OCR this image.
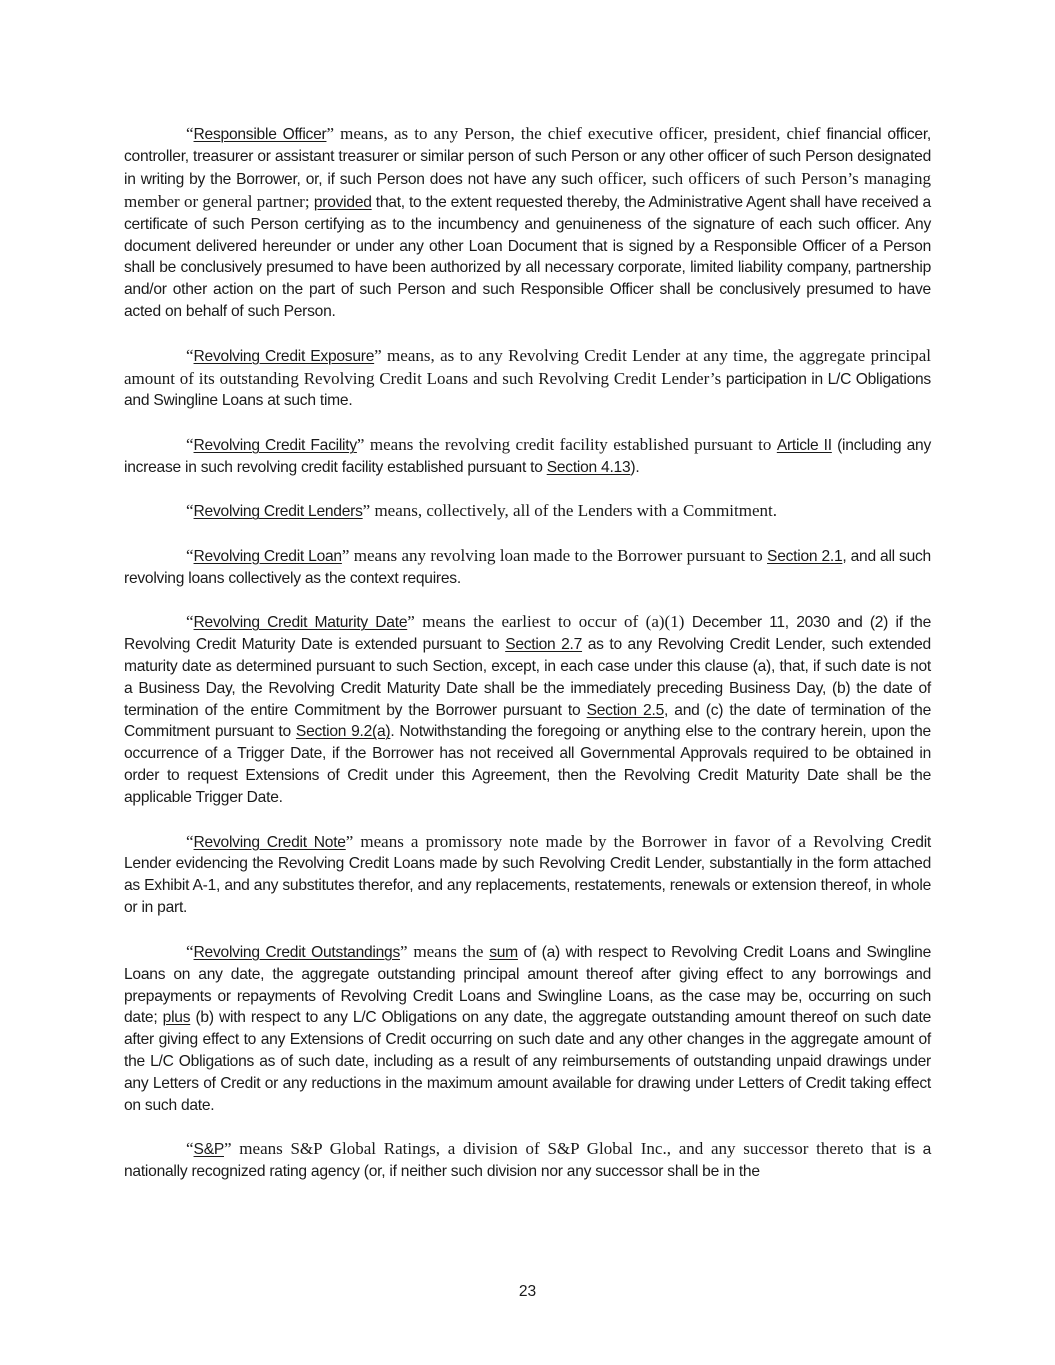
“Responsible Officer” means, as to any Person, the chief executive officer, president, chief financial officer, controller, treasurer or assistant treasurer or similar person of such Person or any other officer of such Person designated in writing by the Borrower, or, if such Person does not have any such officer, such officers of such Person’s managing member or general partner; provided that, to the extent requested thereby, the Administrative Agent shall have received a certificate of such Person certifying as to the incumbency and genuineness of the signature of each such officer. Any document delivered hereunder or under any other Loan Document that is signed by a Responsible Officer of a Person shall be conclusively presumed to have been authorized by all necessary corporate, limited liability company, partnership and/or other action on the part of such Person and such Responsible Officer shall be conclusively presumed to have acted on behalf of such Person.

“Revolving Credit Exposure” means, as to any Revolving Credit Lender at any time, the aggregate principal amount of its outstanding Revolving Credit Loans and such Revolving Credit Lender’s participation in L/C Obligations and Swingline Loans at such time.

“Revolving Credit Facility” means the revolving credit facility established pursuant to Article II (including any increase in such revolving credit facility established pursuant to Section 4.13).

“Revolving Credit Lenders” means, collectively, all of the Lenders with a Commitment.

“Revolving Credit Loan” means any revolving loan made to the Borrower pursuant to Section 2.1, and all such revolving loans collectively as the context requires.

“Revolving Credit Maturity Date” means the earliest to occur of (a)(1) December 11, 2030 and (2) if the Revolving Credit Maturity Date is extended pursuant to Section 2.7 as to any Revolving Credit Lender, such extended maturity date as determined pursuant to such Section, except, in each case under this clause (a), that, if such date is not a Business Day, the Revolving Credit Maturity Date shall be the immediately preceding Business Day, (b) the date of termination of the entire Commitment by the Borrower pursuant to Section 2.5, and (c) the date of termination of the Commitment pursuant to Section 9.2(a). Notwithstanding the foregoing or anything else to the contrary herein, upon the occurrence of a Trigger Date, if the Borrower has not received all Governmental Approvals required to be obtained in order to request Extensions of Credit under this Agreement, then the Revolving Credit Maturity Date shall be the applicable Trigger Date.

“Revolving Credit Note” means a promissory note made by the Borrower in favor of a Revolving Credit Lender evidencing the Revolving Credit Loans made by such Revolving Credit Lender, substantially in the form attached as Exhibit A-1, and any substitutes therefor, and any replacements, restatements, renewals or extension thereof, in whole or in part.

“Revolving Credit Outstandings” means the sum of (a) with respect to Revolving Credit Loans and Swingline Loans on any date, the aggregate outstanding principal amount thereof after giving effect to any borrowings and prepayments or repayments of Revolving Credit Loans and Swingline Loans, as the case may be, occurring on such date; plus (b) with respect to any L/C Obligations on any date, the aggregate outstanding amount thereof on such date after giving effect to any Extensions of Credit occurring on such date and any other changes in the aggregate amount of the L/C Obligations as of such date, including as a result of any reimbursements of outstanding unpaid drawings under any Letters of Credit or any reductions in the maximum amount available for drawing under Letters of Credit taking effect on such date.

“S&P” means S&P Global Ratings, a division of S&P Global Inc., and any successor thereto that is a nationally recognized rating agency (or, if neither such division nor any successor shall be in the

23
